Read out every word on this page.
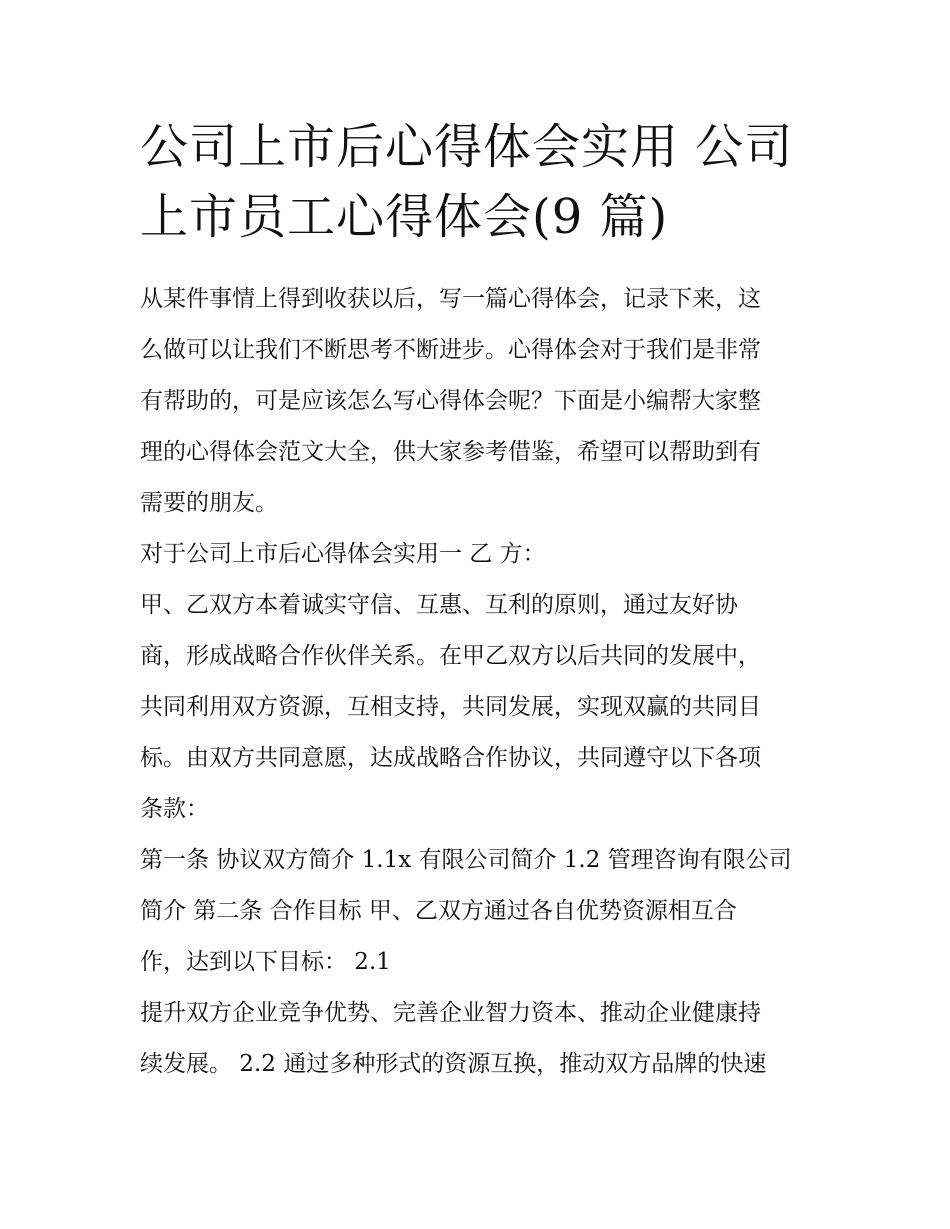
公司上市后心得体会实用 公司
上市员工心得体会(9 篇)

从某件事情上得到收获以后，写一篇心得体会，记录下来，这
么做可以让我们不断思考不断进步。心得体会对于我们是非常
有帮助的，可是应该怎么写心得体会呢？下面是小编帮大家整
理的心得体会范文大全，供大家参考借鉴，希望可以帮助到有
需要的朋友。

对于公司上市后心得体会实用一 乙 方：

甲、乙双方本着诚实守信、互惠、互利的原则，通过友好协
商，形成战略合作伙伴关系。在甲乙双方以后共同的发展中，
共同利用双方资源，互相支持，共同发展，实现双赢的共同目
标。由双方共同意愿，达成战略合作协议，共同遵守以下各项
条款：

第一条 协议双方简介 1.1x 有限公司简介 1.2 管理咨询有限公司
简介 第二条 合作目标 甲、乙双方通过各自优势资源相互合
作，达到以下目标： 2.1

提升双方企业竞争优势、完善企业智力资本、推动企业健康持
续发展。 2.2 通过多种形式的资源互换，推动双方品牌的快速
